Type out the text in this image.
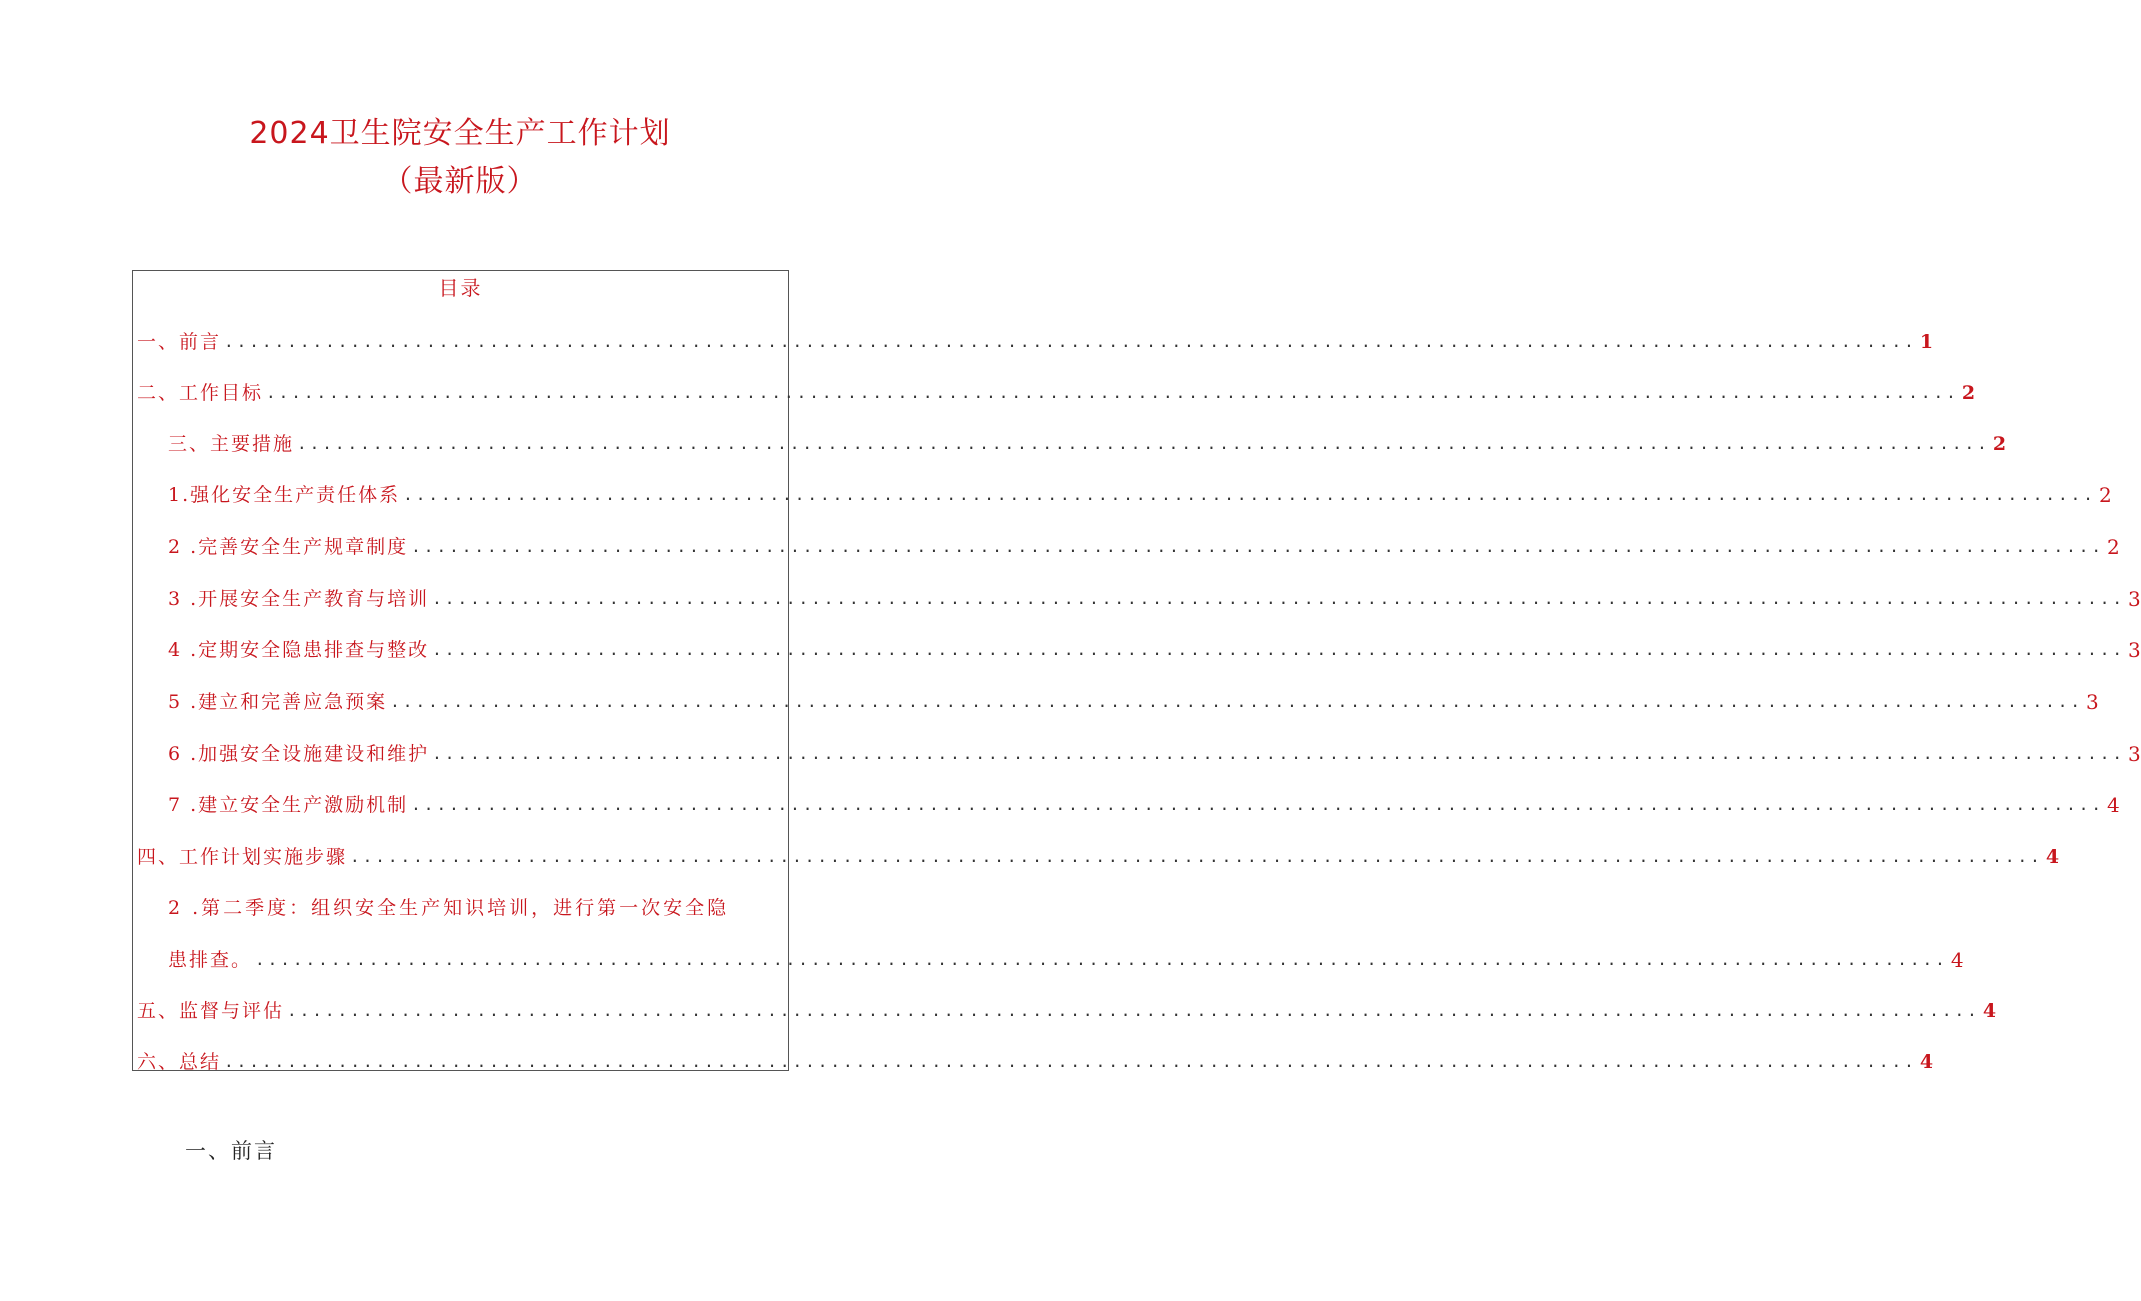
2024卫生院安全生产工作计划
（最新版）
目录
一、前言 ...................................................................................................................................... 1
二、工作目标 ...................................................................................................................................... 2
三、主要措施 ...................................................................................................................................... 2
1.强化安全生产责任体系 ...................................................................................................................................... 2
2 .完善安全生产规章制度 ...................................................................................................................................... 2
3 .开展安全生产教育与培训 ...................................................................................................................................... 3
4 .定期安全隐患排查与整改 ...................................................................................................................................... 3
5 .建立和完善应急预案 ...................................................................................................................................... 3
6 .加强安全设施建设和维护 ...................................................................................................................................... 3
7 .建立安全生产激励机制 ...................................................................................................................................... 4
四、工作计划实施步骤 ...................................................................................................................................... 4
2 .第二季度：组织安全生产知识培训，进行第一次安全隐
患排查。 ...................................................................................................................................... 4
五、监督与评估 ...................................................................................................................................... 4
六、总结 ...................................................................................................................................... 4
一、前言
